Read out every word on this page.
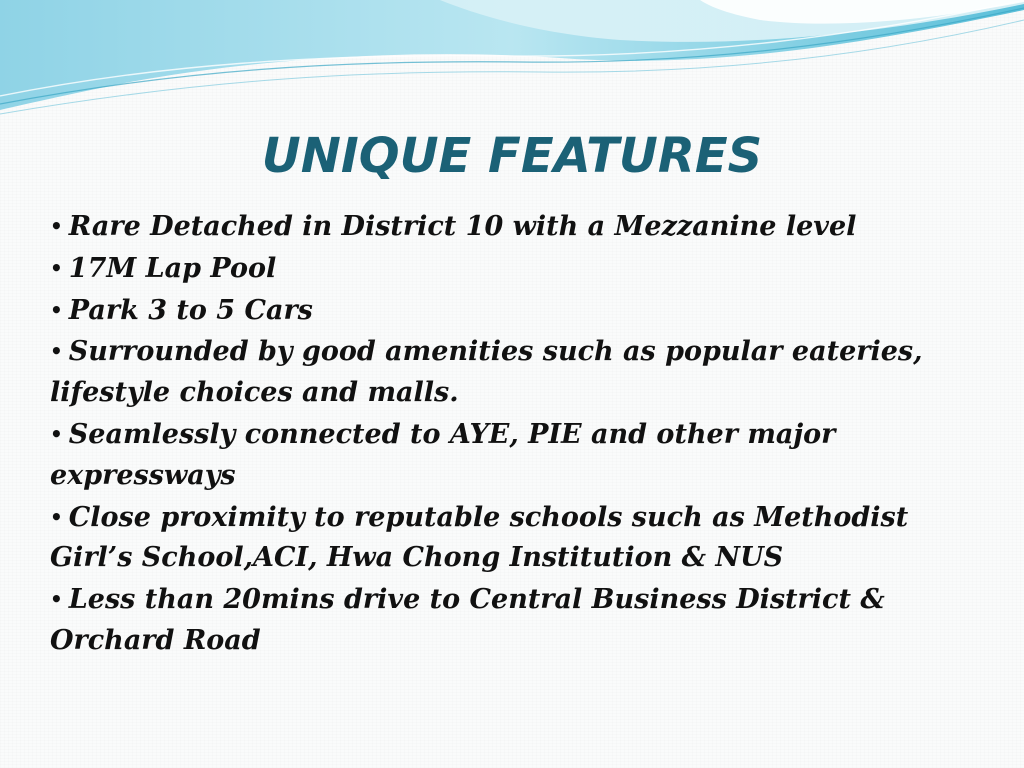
UNIQUE FEATURES
• Rare Detached in District 10 with a Mezzanine level
• 17M Lap Pool
• Park 3 to 5 Cars
• Surrounded by good amenities such as popular eateries, lifestyle choices and malls.
• Seamlessly connected to AYE, PIE and other major expressways
• Close proximity to reputable schools such as Methodist Girl’s School,ACI, Hwa Chong Institution & NUS
• Less than 20mins drive to Central Business District & Orchard Road
